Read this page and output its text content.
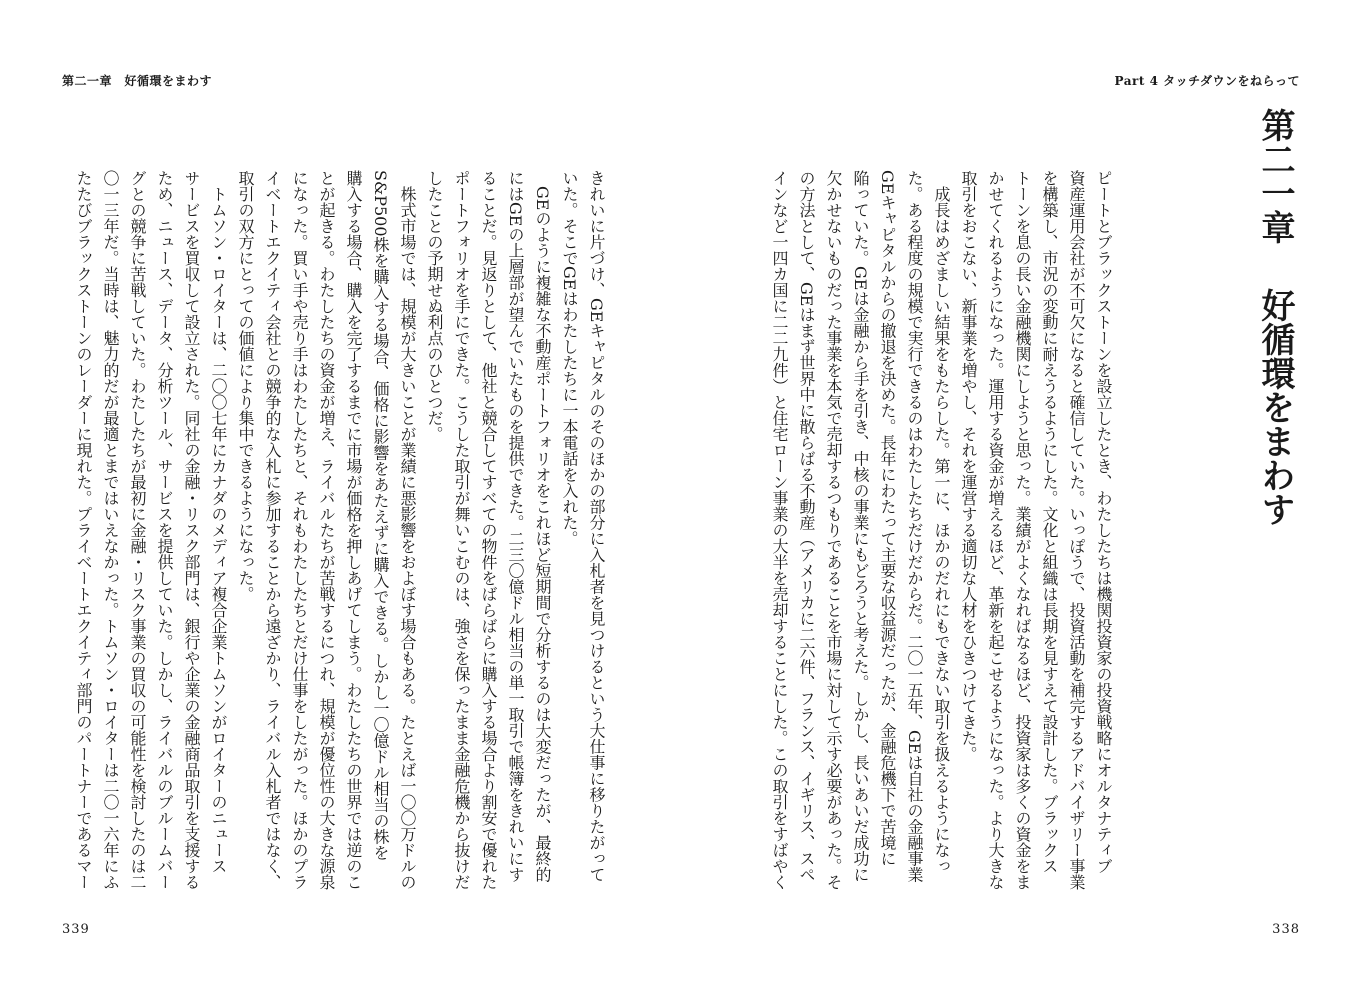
第二一章　好循環をまわす	Part 4 タッチダウンをねらって
第二一章好循環をまわす
ピートとブラックストーンを設立したとき、わたしたちは機関投資家の投資戦略にオルタナティブ
資産運用会社が不可欠になると確信していた。いっぽうで、投資活動を補完するアドバイザリー事業
を構築し、市況の変動に耐えうるようにした。文化と組織は長期を見すえて設計した。ブラックス
トーンを息の長い金融機関にしようと思った。業績がよくなればなるほど、投資家は多くの資金をま
かせてくれるようになった。運用する資金が増えるほど、革新を起こせるようになった。より大きな
取引をおこない、新事業を増やし、それを運営する適切な人材をひきつけてきた。
　成長はめざましい結果をもたらした。第一に、ほかのだれにもできない取引を扱えるようになっ
た。ある程度の規模で実行できるのはわたしたちだけだからだ。二〇一五年、GEは自社の金融事業
GEキャピタルからの撤退を決めた。長年にわたって主要な収益源だったが、金融危機下で苦境に
陥っていた。GEは金融から手を引き、中核の事業にもどろうと考えた。しかし、長いあいだ成功に
欠かせないものだった事業を本気で売却するつもりであることを市場に対して示す必要があった。そ
の方法として、GEはまず世界中に散らばる不動産（アメリカに二六件、フランス、イギリス、スペ
インなど一四カ国に二二九件）と住宅ローン事業の大半を売却することにした。この取引をすばやく
きれいに片づけ、GEキャピタルのそのほかの部分に入札者を見つけるという大仕事に移りたがって
いた。そこでGEはわたしたちに一本電話を入れた。
　GEのように複雑な不動産ポートフォリオをこれほど短期間で分析するのは大変だったが、最終的
にはGEの上層部が望んでいたものを提供できた。二三〇億ドル相当の単一取引で帳簿をきれいにす
ることだ。見返りとして、他社と競合してすべての物件をばらばらに購入する場合より割安で優れた
ポートフォリオを手にできた。こうした取引が舞いこむのは、強さを保ったまま金融危機から抜けだ
したことの予期せぬ利点のひとつだ。
　株式市場では、規模が大きいことが業績に悪影響をおよぼす場合もある。たとえば一〇〇万ドルの
S&P500株を購入する場合、価格に影響をあたえずに購入できる。しかし一〇億ドル相当の株を
購入する場合、購入を完了するまでに市場が価格を押しあげてしまう。わたしたちの世界では逆のこ
とが起きる。わたしたちの資金が増え、ライバルたちが苦戦するにつれ、規模が優位性の大きな源泉
になった。買い手や売り手はわたしたちと、それもわたしたちとだけ仕事をしたがった。ほかのプラ
イベートエクイティ会社との競争的な入札に参加することから遠ざかり、ライバル入札者ではなく、
取引の双方にとっての価値により集中できるようになった。
　トムソン・ロイターは、二〇〇七年にカナダのメディア複合企業トムソンがロイターのニュース
サービスを買収して設立された。同社の金融・リスク部門は、銀行や企業の金融商品取引を支援する
ため、ニュース、データ、分析ツール、サービスを提供していた。しかし、ライバルのブルームバー
グとの競争に苦戦していた。わたしたちが最初に金融・リスク事業の買収の可能性を検討したのは二
〇一三年だ。当時は、魅力的だが最適とまではいえなかった。トムソン・ロイターは二〇一六年にふ
たたびブラックストーンのレーダーに現れた。プライベートエクイティ部門のパートナーであるマー
339	338
